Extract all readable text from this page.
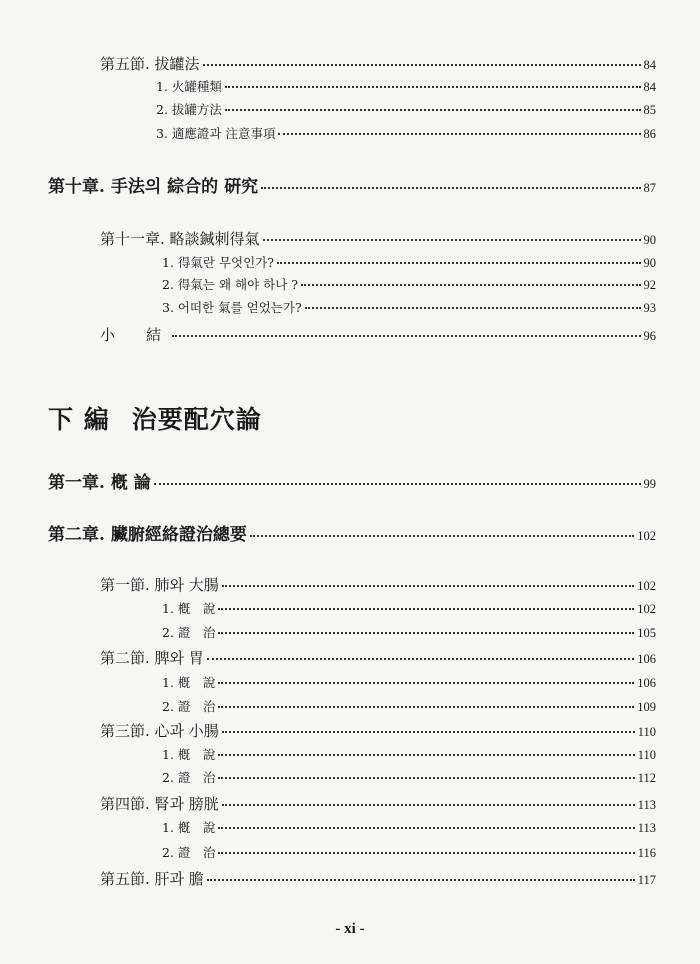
第五節. 拔罐法	84
1. 火罐種類	84
2. 拔罐方法	85
3. 適應證과 注意事項	86
第十章. 手法의 綜合的 硏究	87
第十一章. 略談鍼刺得氣	90
1. 得氣란 무엇인가?	90
2. 得氣는 왜 해야 하나 ?	92
3. 어떠한 氣를 얻었는가?	93
小　結	96
下 編 治要配穴論
第一章. 槪 論	99
第二章. 臟腑經絡證治總要	102
第一節. 肺와 大腸	102
1. 槪　說	102
2. 證　治	105
第二節. 脾와 胃	106
1. 槪　說	106
2. 證　治	109
第三節. 心과 小腸	110
1. 槪　說	110
2. 證　治	112
第四節. 腎과 膀胱	113
1. 槪　說	113
2. 證　治	116
第五節. 肝과 膽	117
- xi -
